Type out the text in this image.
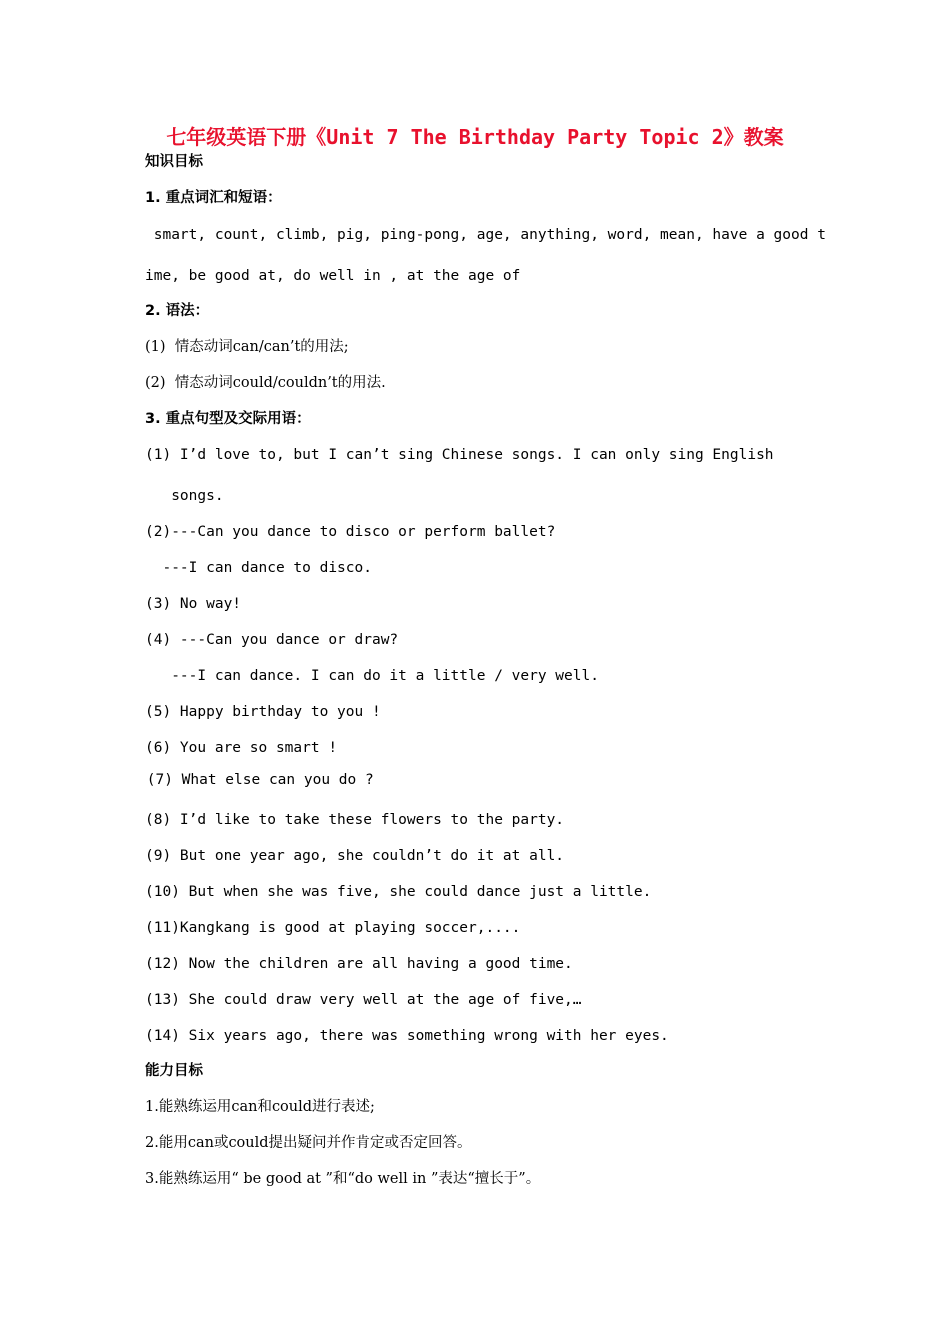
七年级英语下册《Unit 7 The Birthday Party Topic 2》教案
知识目标
1. 重点词汇和短语：
smart, count, climb, pig, ping-pong, age, anything, word, mean, have a good t
ime, be good at, do well in , at the age of
2. 语法：
(1)  情态动词can/can’t的用法;
(2)  情态动词could/couldn’t的用法.
3. 重点句型及交际用语：
(1) I’d love to, but I can’t sing Chinese songs. I can only sing English
songs.
(2)---Can you dance to disco or perform ballet?
---I can dance to disco.
(3) No way!
(4) ---Can you dance or draw?
---I can dance. I can do it a little / very well.
(5) Happy birthday to you !
(6) You are so smart !
(7) What else can you do ?
(8) I’d like to take these flowers to the party.
(9) But one year ago, she couldn’t do it at all.
(10) But when she was five, she could dance just a little.
(11)Kangkang is good at playing soccer,....
(12) Now the children are all having a good time.
(13) She could draw very well at the age of five,…
(14) Six years ago, there was something wrong with her eyes.
能力目标
1.能熟练运用can和could进行表述;
2.能用can或could提出疑问并作肯定或否定回答。
3.能熟练运用“ be good at ”和“do well in ”表达“擅长于”。
